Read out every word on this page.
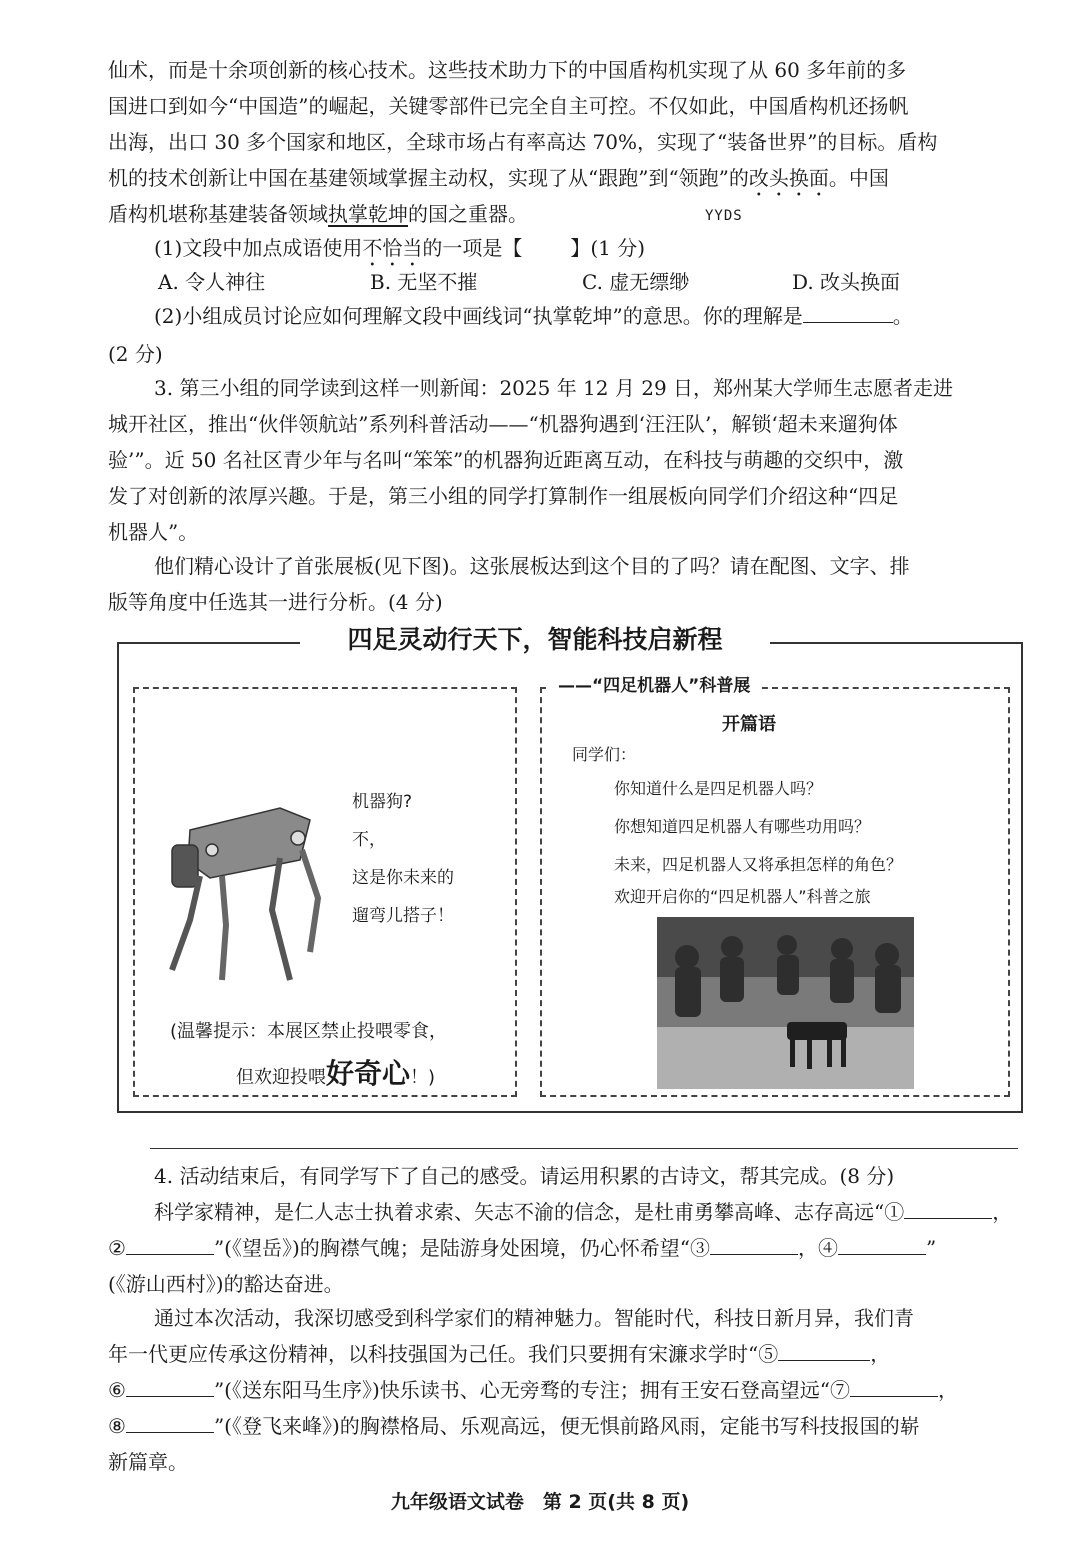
仙术，而是十余项创新的核心技术。这些技术助力下的中国盾构机实现了从 60 多年前的多
国进口到如今“中国造”的崛起，关键零部件已完全自主可控。不仅如此，中国盾构机还扬帆
出海，出口 30 多个国家和地区，全球市场占有率高达 70%，实现了“装备世界”的目标。盾构
机的技术创新让中国在基建领域掌握主动权，实现了从“跟跑”到“领跑”的改头换面。中国
盾构机堪称基建装备领域执掌乾坤的国之重器。	YYDS
(1)文段中加点成语使用不恰当的一项是【 】(1 分)
A. 令人神往	B. 无坚不摧	C. 虚无缥缈	D. 改头换面
(2)小组成员讨论应如何理解文段中画线词“执掌乾坤”的意思。你的理解是	。
(2 分)
3. 第三小组的同学读到这样一则新闻：2025 年 12 月 29 日，郑州某大学师生志愿者走进
城开社区，推出“伙伴领航站”系列科普活动——“机器狗遇到‘汪汪队’，解锁‘超未来遛狗体
验’”。近 50 名社区青少年与名叫“笨笨”的机器狗近距离互动，在科技与萌趣的交织中，激
发了对创新的浓厚兴趣。于是，第三小组的同学打算制作一组展板向同学们介绍这种“四足
机器人”。
他们精心设计了首张展板(见下图)。这张展板达到这个目的了吗？请在配图、文字、排
版等角度中任选其一进行分析。(4 分)
四足灵动行天下，智能科技启新程
机器狗?
不，
这是你未来的
遛弯儿搭子！
(温馨提示：本展区禁止投喂零食，
但欢迎投喂好奇心！)
——“四足机器人”科普展
开篇语
同学们：
你知道什么是四足机器人吗？
你想知道四足机器人有哪些功用吗？
未来，四足机器人又将承担怎样的角色？
欢迎开启你的“四足机器人”科普之旅
4. 活动结束后，有同学写下了自己的感受。请运用积累的古诗文，帮其完成。(8 分)
科学家精神，是仁人志士执着求索、矢志不渝的信念，是杜甫勇攀高峰、志存高远“①	，
②	”(《望岳》)的胸襟气魄；是陆游身处困境，仍心怀希望“③	，④	”
(《游山西村》)的豁达奋进。
通过本次活动，我深切感受到科学家们的精神魅力。智能时代，科技日新月异，我们青
年一代更应传承这份精神，以科技强国为己任。我们只要拥有宋濂求学时“⑤	，
⑥	”(《送东阳马生序》)快乐读书、心无旁骛的专注；拥有王安石登高望远“⑦	，
⑧	”(《登飞来峰》)的胸襟格局、乐观高远，便无惧前路风雨，定能书写科技报国的崭
新篇章。
九年级语文试卷　第 2 页(共 8 页)
